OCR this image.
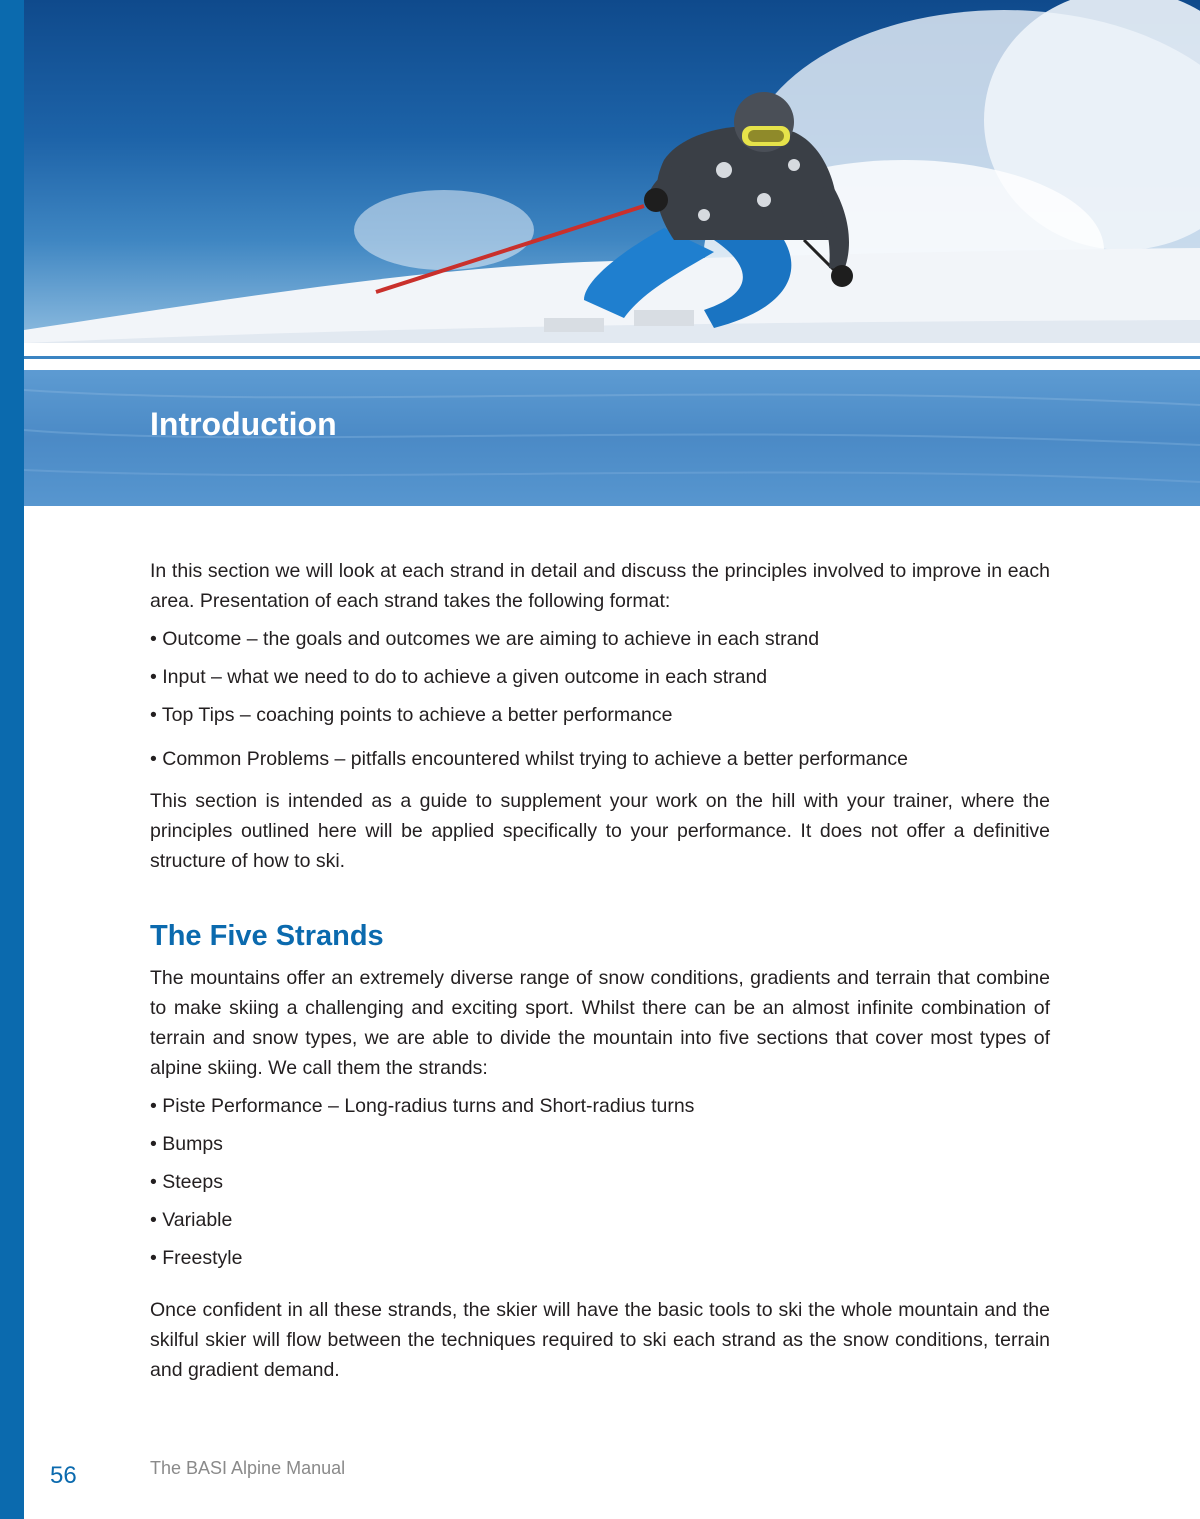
Introduction

In this section we will look at each strand in detail and discuss the principles involved to improve in each area. Presentation of each strand takes the following format:

• Outcome – the goals and outcomes we are aiming to achieve in each strand
• Input – what we need to do to achieve a given outcome in each strand
• Top Tips – coaching points to achieve a better performance
• Common Problems – pitfalls encountered whilst trying to achieve a better performance

This section is intended as a guide to supplement your work on the hill with your trainer, where the principles outlined here will be applied specifically to your performance. It does not offer a definitive structure of how to ski.

The Five Strands

The mountains offer an extremely diverse range of snow conditions, gradients and terrain that combine to make skiing a challenging and exciting sport. Whilst there can be an almost infinite combination of terrain and snow types, we are able to divide the mountain into five sections that cover most types of alpine skiing. We call them the strands:

• Piste Performance – Long-radius turns and Short-radius turns
• Bumps
• Steeps
• Variable
• Freestyle

Once confident in all these strands, the skier will have the basic tools to ski the whole mountain and the skilful skier will flow between the techniques required to ski each strand as the snow conditions, terrain and gradient demand.

56	The BASI Alpine Manual
